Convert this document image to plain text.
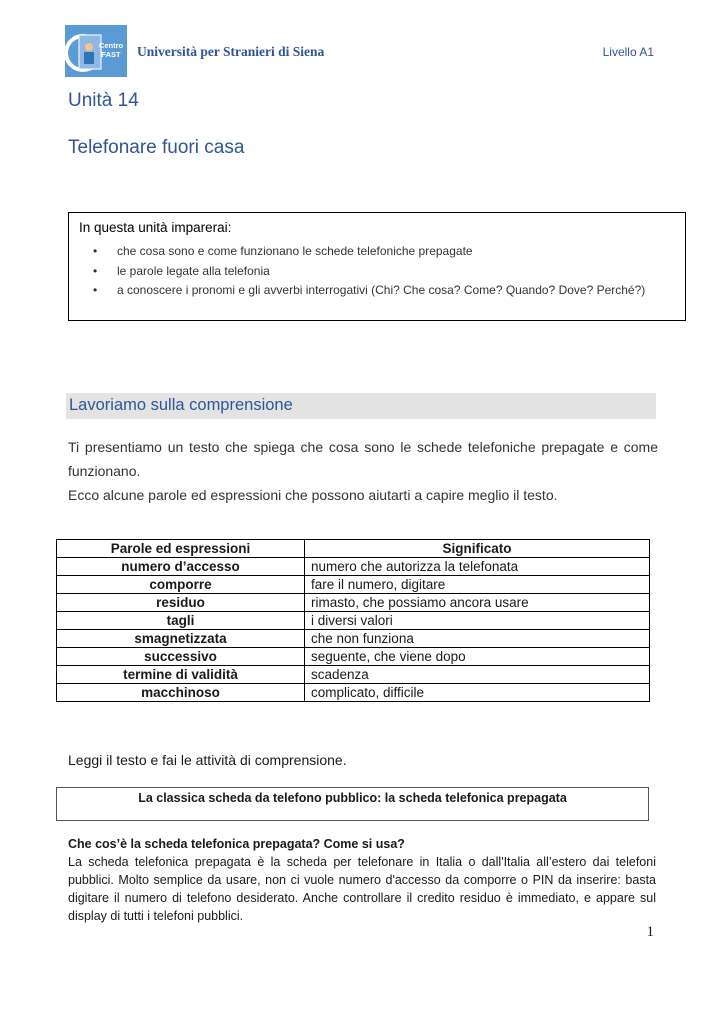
Centro FAST	Università per Stranieri di Siena	Livello A1
Unità 14
Telefonare fuori casa
In questa unità imparerai:
• che cosa sono e come funzionano le schede telefoniche prepagate
• le parole legate alla telefonia
• a conoscere i pronomi e gli avverbi interrogativi (Chi? Che cosa? Come? Quando? Dove? Perché?)
Lavoriamo sulla comprensione

Ti presentiamo un testo che spiega che cosa sono le schede telefoniche prepagate e come funzionano.

Ecco alcune parole ed espressioni che possono aiutarti a capire meglio il testo.

Parole ed espressioni	Significato
numero d’accesso	numero che autorizza la telefonata
comporre	fare il numero, digitare
residuo	rimasto, che possiamo ancora usare
tagli	i diversi valori
smagnetizzata	che non funziona
successivo	seguente, che viene dopo
termine di validità	scadenza
macchinoso	complicato, difficile
Leggi il testo e fai le attività di comprensione.
La classica scheda da telefono pubblico: la scheda telefonica prepagata
Che cos’è la scheda telefonica prepagata? Come si usa?

La scheda telefonica prepagata è la scheda per telefonare in Italia o dall'Italia all’estero dai telefoni pubblici. Molto semplice da usare, non ci vuole numero d'accesso da comporre o PIN da inserire: basta digitare il numero di telefono desiderato. Anche controllare il credito residuo è immediato, e appare sul display di tutti i telefoni pubblici.

1
